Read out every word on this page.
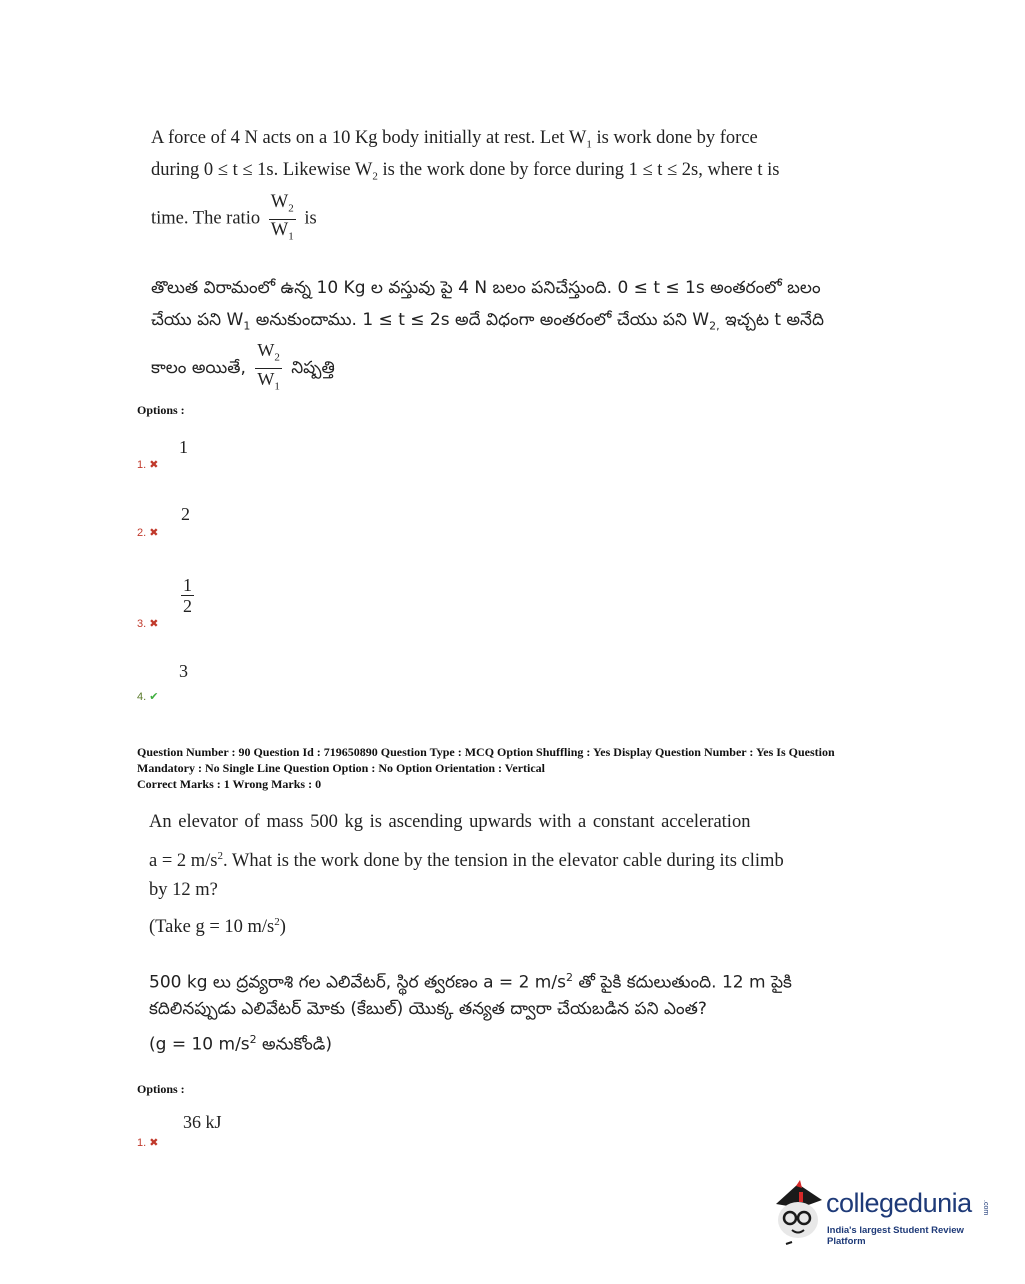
A force of 4 N acts on a 10 Kg body initially at rest. Let $W_1$ is work done by force
during 0 ≤ t ≤ 1s. Likewise $W_2$ is the work done by force during 1 ≤ t ≤ 2s, where t is
time. The ratio $\frac{W_2}{W_1}$ is
తొలుత విరామంలో ఉన్న 10 Kg ల వస్తువు పై 4 N బలం పనిచేస్తుంది. 0 ≤ t ≤ 1s అంతరంలో బలం
చేయు పని $W_1$ అనుకుందాము. 1 ≤ t ≤ 2s అదే విధంగా అంతరంలో చేయు పని $W_{2,}$ ఇచ్చట t అనేది
కాలం అయితే, $\frac{W_2}{W_1}$ నిష్పత్తి
Options :
1
1. ✖
2
2. ✖
$\frac{1}{2}$
3. ✖
3
4. ✔
Question Number : 90 Question Id : 719650890 Question Type : MCQ Option Shuffling : Yes Display Question Number : Yes Is Question
Mandatory : No Single Line Question Option : No Option Orientation : Vertical
Correct Marks : 1 Wrong Marks : 0
An elevator of mass 500 kg is ascending upwards with a constant acceleration
a = 2 $m/s^2$. What is the work done by the tension in the elevator cable during its climb
by 12 m?
(Take g = 10 $m/s^2$)
500 kg లు ద్రవ్యరాశి గల ఎలివేటర్, స్థిర త్వరణం a = 2 $m/s^2$ తో పైకి కదులుతుంది. 12 m పైకి
కదిలినప్పుడు ఎలివేటర్ మోకు (కేబుల్) యొక్క తన్యత ద్వారా చేయబడిన పని ఎంత?
(g = 10 $m/s^2$ అనుకోండి)
Options :
36 kJ
1. ✖
collegedunia .com
India's largest Student Review Platform
